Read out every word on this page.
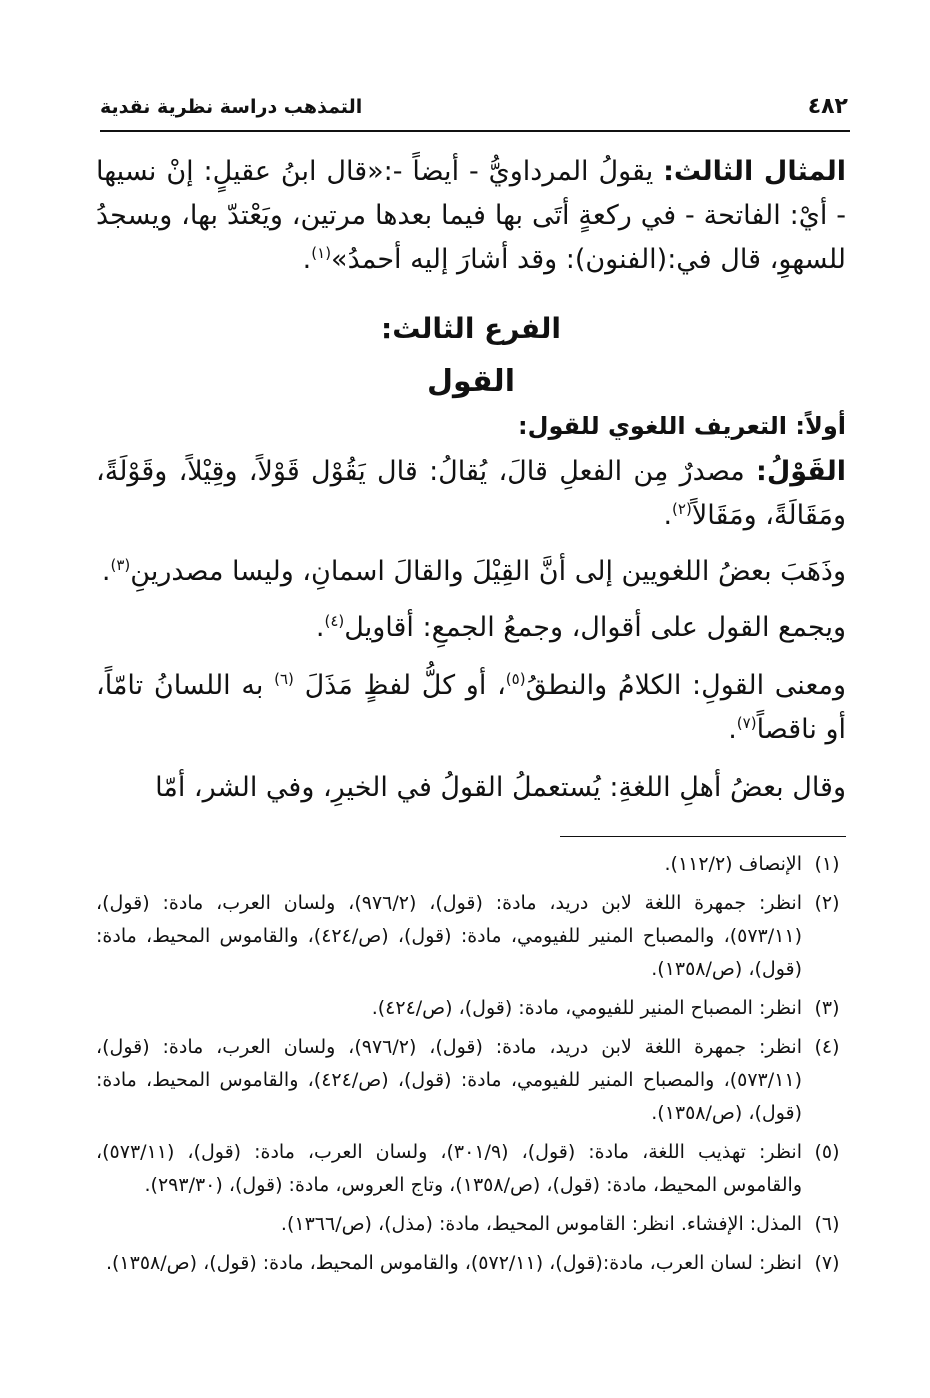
٤٨٢
التمذهب دراسة نظرية نقدية

المثال الثالث: يقولُ المرداويُّ - أيضاً -:«قال ابنُ عقيلٍ: إنْ نسيها - أيْ: الفاتحة - في ركعةٍ أتَى بها فيما بعدها مرتين، ويَعْتدّ بها، ويسجدُ للسهوِ، قال في:(الفنون): وقد أشارَ إليه أحمدُ»$^{(١)}$.

الفرع الثالث:
القول
أولاً: التعريف اللغوي للقول:

القَوْلُ: مصدرٌ مِن الفعلِ قالَ، يُقالُ: قال يَقُوْل قَوْلاً، وقِيْلاً، وقَوْلَةً، ومَقَالَةً، ومَقَالاً$^{(٢)}$.

وذَهَبَ بعضُ اللغويين إلى أنَّ القِيْلَ والقالَ اسمانِ، وليسا مصدرينِ$^{(٣)}$.

ويجمع القول على أقوال، وجمعُ الجمعِ: أقاويل$^{(٤)}$.

ومعنى القولِ: الكلامُ والنطقُ$^{(٥)}$، أو كلُّ لفظٍ مَذَلَ $^{(٦)}$ به اللسانُ تامّاً، أو ناقصاً$^{(٧)}$.

وقال بعضُ أهلِ اللغةِ: يُستعملُ القولُ في الخيرِ، وفي الشر، أمّا

(١)
الإنصاف (١١٢/٢).
(٢)
انظر: جمهرة اللغة لابن دريد، مادة: (قول)، (٩٧٦/٢)، ولسان العرب، مادة: (قول)، (٥٧٣/١١)، والمصباح المنير للفيومي، مادة: (قول)، (ص/٤٢٤)، والقاموس المحيط، مادة: (قول)، (ص/١٣٥٨).
(٣)
انظر: المصباح المنير للفيومي، مادة: (قول)، (ص/٤٢٤).
(٤)
انظر: جمهرة اللغة لابن دريد، مادة: (قول)، (٩٧٦/٢)، ولسان العرب، مادة: (قول)، (٥٧٣/١١)، والمصباح المنير للفيومي، مادة: (قول)، (ص/٤٢٤)، والقاموس المحيط، مادة: (قول)، (ص/١٣٥٨).
(٥)
انظر: تهذيب اللغة، مادة: (قول)، (٣٠١/٩)، ولسان العرب، مادة: (قول)، (٥٧٣/١١)، والقاموس المحيط، مادة: (قول)، (ص/١٣٥٨)، وتاج العروس، مادة: (قول)، (٢٩٣/٣٠).
(٦)
المذل: الإفشاء. انظر: القاموس المحيط، مادة: (مذل)، (ص/١٣٦٦).
(٧)
انظر: لسان العرب، مادة:(قول)، (٥٧٢/١١)، والقاموس المحيط، مادة: (قول)، (ص/١٣٥٨).
